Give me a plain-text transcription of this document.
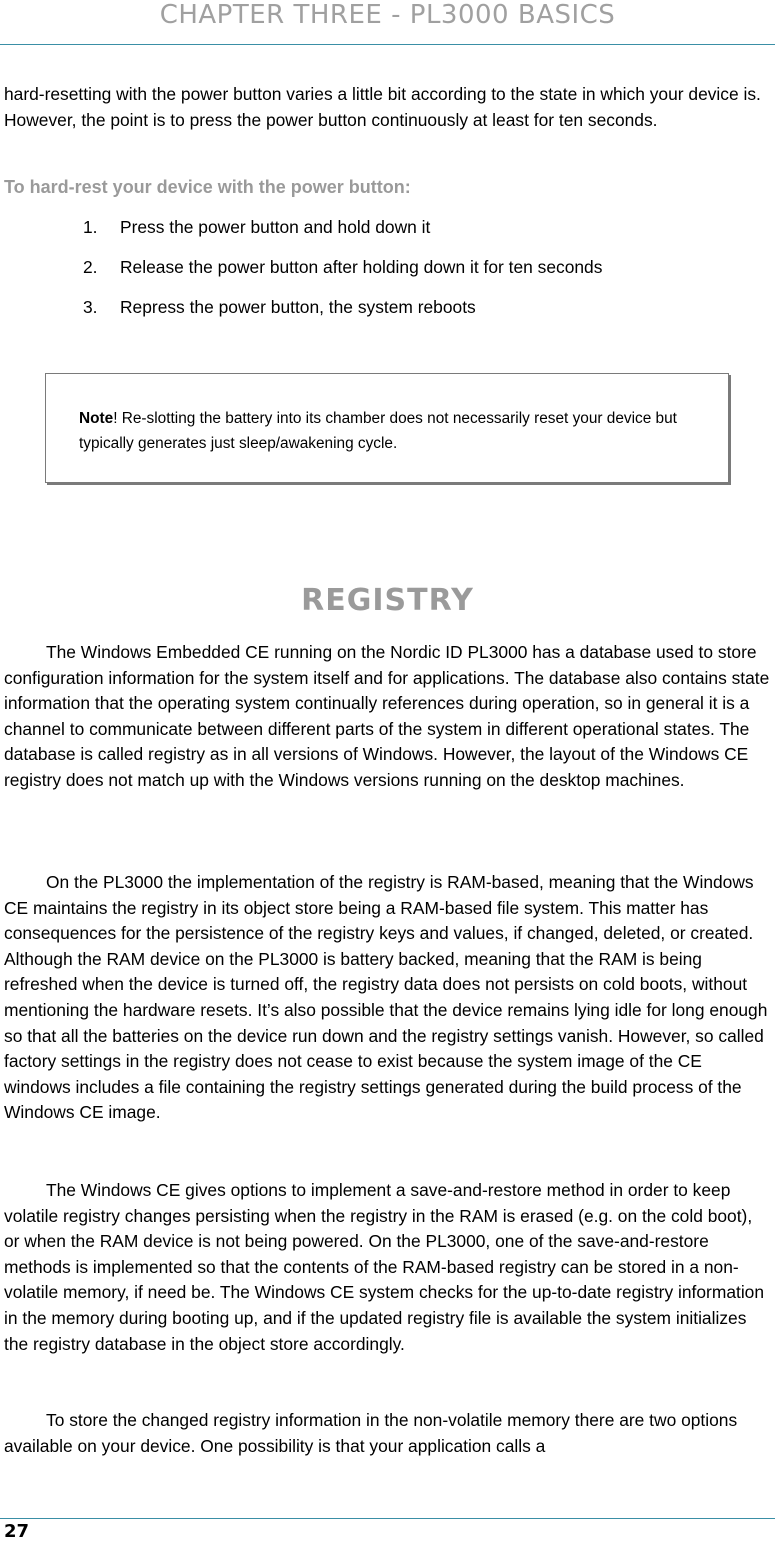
CHAPTER THREE - PL3000 BASICS
hard-resetting with the power button varies a little bit according to the state in which your device is. However, the point is to press the power button continuously at least for ten seconds.
To hard-rest your device with the power button:
1.	Press the power button and hold down it
2.	Release the power button after holding down it for ten seconds
3.	Repress the power button, the system reboots
Note! Re-slotting the battery into its chamber does not necessarily reset your device but typically generates just sleep/awakening cycle.
REGISTRY
The Windows Embedded CE running on the Nordic ID PL3000 has a database used to store configuration information for the system itself and for applications. The database also contains state information that the operating system continually references during operation, so in general it is a channel to communicate between different parts of the system in different operational states. The database is called registry as in all versions of Windows. However, the layout of the Windows CE registry does not match up with the Windows versions running on the desktop machines.
On the PL3000 the implementation of the registry is RAM-based, meaning that the Windows CE maintains the registry in its object store being a RAM-based file system. This matter has consequences for the persistence of the registry keys and values, if changed, deleted, or created. Although the RAM device on the PL3000 is battery backed, meaning that the RAM is being refreshed when the device is turned off, the registry data does not persists on cold boots, without mentioning the hardware resets. It’s also possible that the device remains lying idle for long enough so that all the batteries on the device run down and the registry settings vanish. However, so called factory settings in the registry does not cease to exist because the system image of the CE windows includes a file containing the registry settings generated during the build process of the Windows CE image.
The Windows CE gives options to implement a save-and-restore method in order to keep volatile registry changes persisting when the registry in the RAM is erased (e.g. on the cold boot), or when the RAM device is not being powered. On the PL3000, one of the save-and-restore methods is implemented so that the contents of the RAM-based registry can be stored in a non-volatile memory, if need be. The Windows CE system checks for the up-to-date registry information in the memory during booting up, and if the updated registry file is available the system initializes the registry database in the object store accordingly.
To store the changed registry information in the non-volatile memory there are two options available on your device. One possibility is that your application calls a
27
